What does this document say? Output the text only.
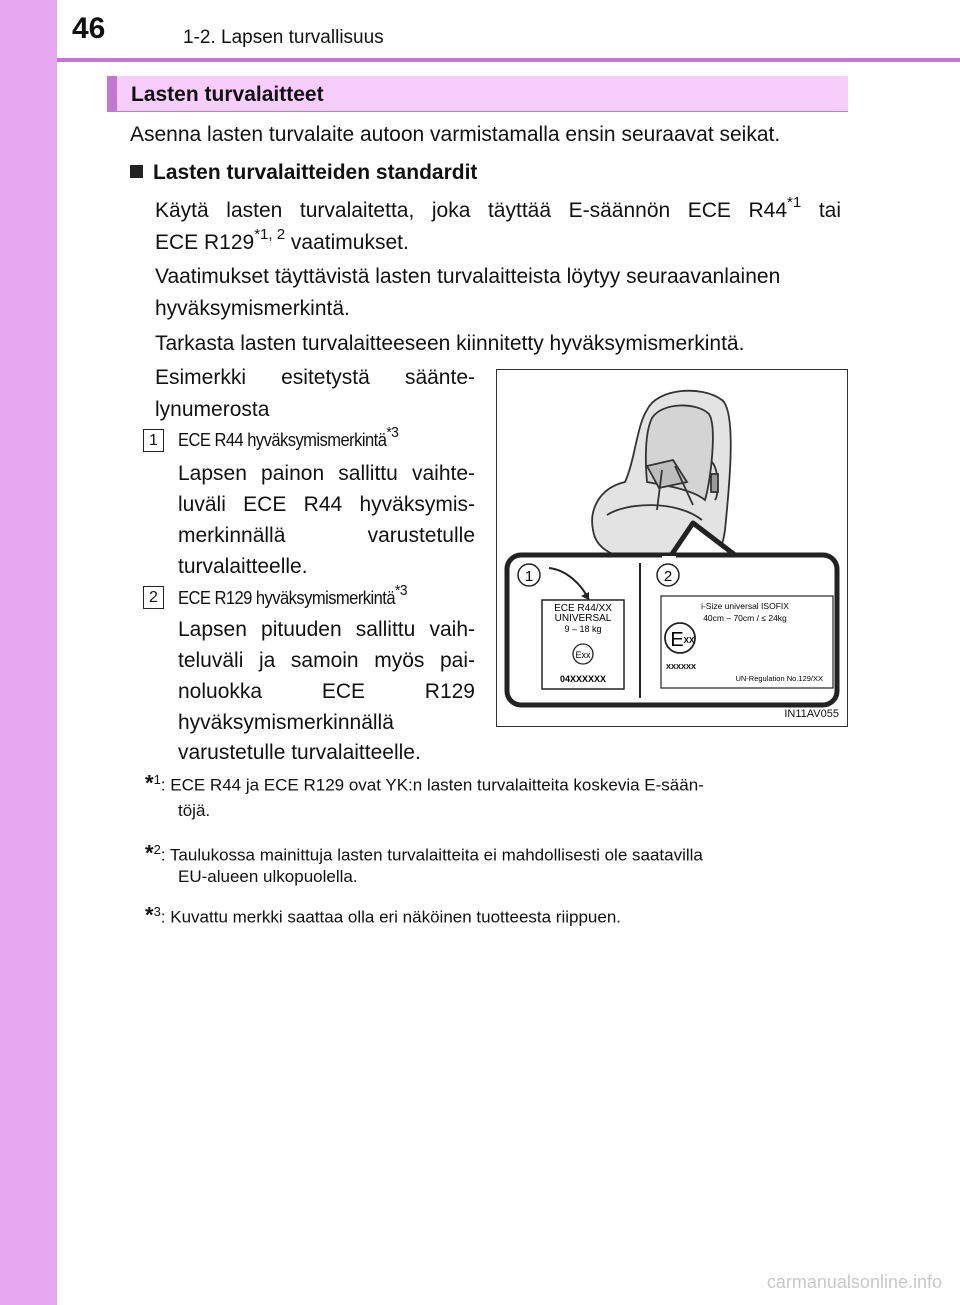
46	1-2. Lapsen turvallisuus
Lasten turvalaitteet
Asenna lasten turvalaite autoon varmistamalla ensin seuraavat seikat.
Lasten turvalaitteiden standardit
Käytä lasten turvalaitetta, joka täyttää E-säännön ECE R44$^{*1}$ tai
ECE R129$^{*1, 2}$ vaatimukset.
Vaatimukset täyttävistä lasten turvalaitteista löytyy seuraavanlainen
hyväksymismerkintä.
Tarkasta lasten turvalaitteeseen kiinnitetty hyväksymismerkintä.
Esimerkki esitetystä sääntе-
lynumerosta
1	ECE R44 hyväksymismerkintä$^{*3}$
Lapsen painon sallittu vaihte-
luväli ECE R44 hyväksymis-
merkinnällä varustetulle
turvalaitteelle.
2	ECE R129 hyväksymismerkintä$^{*3}$
Lapsen pituuden sallittu vaih-
teluväli ja samoin myös pai-
noluokka ECE R129
hyväksymismerkinnällä
varustetulle turvalaitteelle.
1	2
ECE R44/XX
UNIVERSAL
9 – 18 kg
Exx
04XXXXXX
i-Size universal ISOFIX
40cm – 70cm / ≤ 24kg
E XX
XXXXXX
UN-Regulation No.129/XX
IN11AV055
*$^1$: ECE R44 ja ECE R129 ovat YK:n lasten turvalaitteita koskevia E-sään-
töjä.
*$^2$: Taulukossa mainittuja lasten turvalaitteita ei mahdollisesti ole saatavilla
EU-alueen ulkopuolella.
*$^3$: Kuvattu merkki saattaa olla eri näköinen tuotteesta riippuen.
carmanualsonline.info
